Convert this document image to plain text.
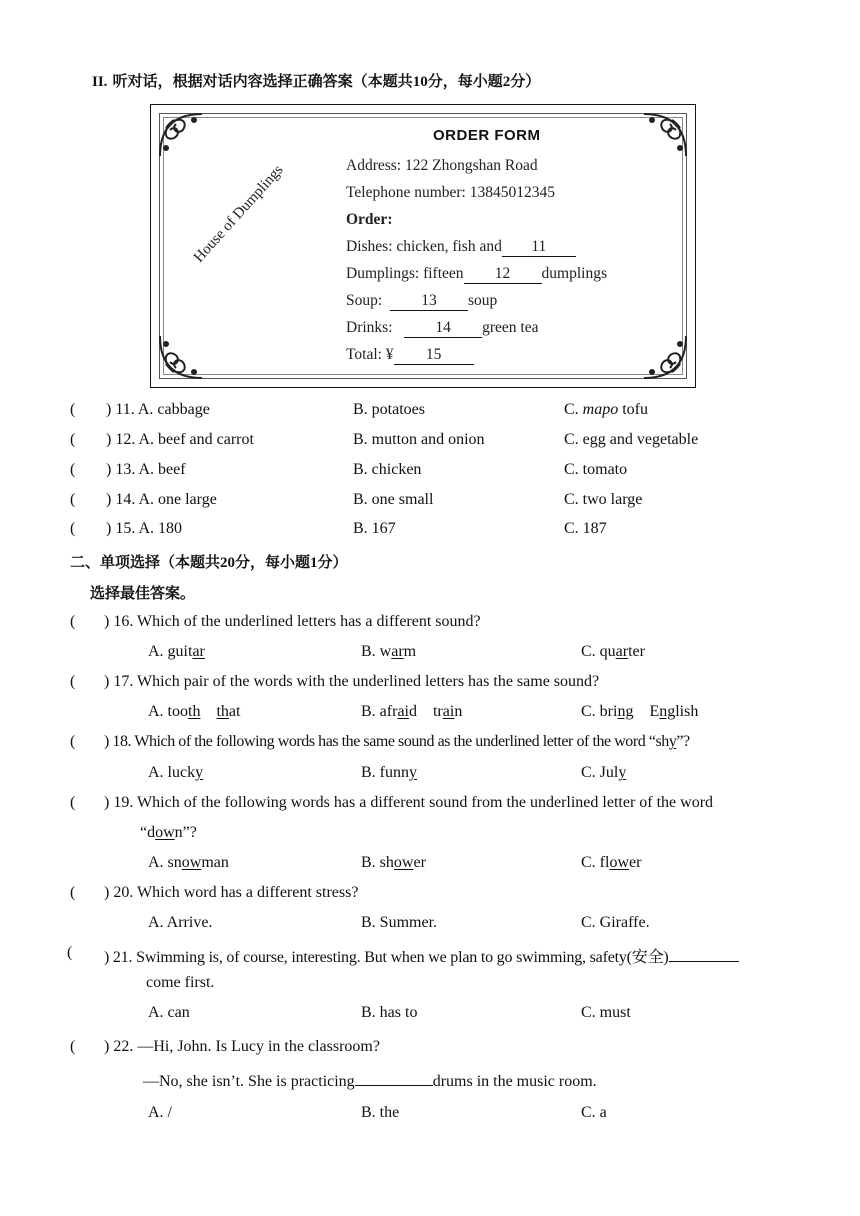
II. 听对话，根据对话内容选择正确答案（本题共10分，每小题2分）
House of Dumplings
ORDER FORM
Address: 122 Zhongshan Road
Telephone number: 13845012345
Order:
Dishes: chicken, fish and 11
Dumplings: fifteen 12 dumplings
Soup:	13 soup
Drinks:	14 green tea
Total: ¥ 15
( ) 11. A. cabbage	B. potatoes	C. mapo tofu
( ) 12. A. beef and carrot	B. mutton and onion	C. egg and vegetable
( ) 13. A. beef	B. chicken	C. tomato
( ) 14. A. one large	B. one small	C. two large
( ) 15. A. 180	B. 167	C. 187
二、单项选择（本题共20分，每小题1分）
选择最佳答案。
( ) 16. Which of the underlined letters has a different sound?
A. guitar	B. warm	C. quarter
( ) 17. Which pair of the words with the underlined letters has the same sound?
A. tooth that	B. afraid train	C. bring English
( ) 18. Which of the following words has the same sound as the underlined letter of the word “shy”?
A. lucky	B. funny	C. July
( ) 19. Which of the following words has a different sound from the underlined letter of the word
“down”?
A. snowman	B. shower	C. flower
( ) 20. Which word has a different stress?
A. Arrive.	B. Summer.	C. Giraffe.
( ) 21. Swimming is, of course, interesting. But when we plan to go swimming, safety(安全)
come first.
A. can	B. has to	C. must
( ) 22. —Hi, John. Is Lucy in the classroom?
—No, she isn’t. She is practicing	drums in the music room.
A. /	B. the	C. a
